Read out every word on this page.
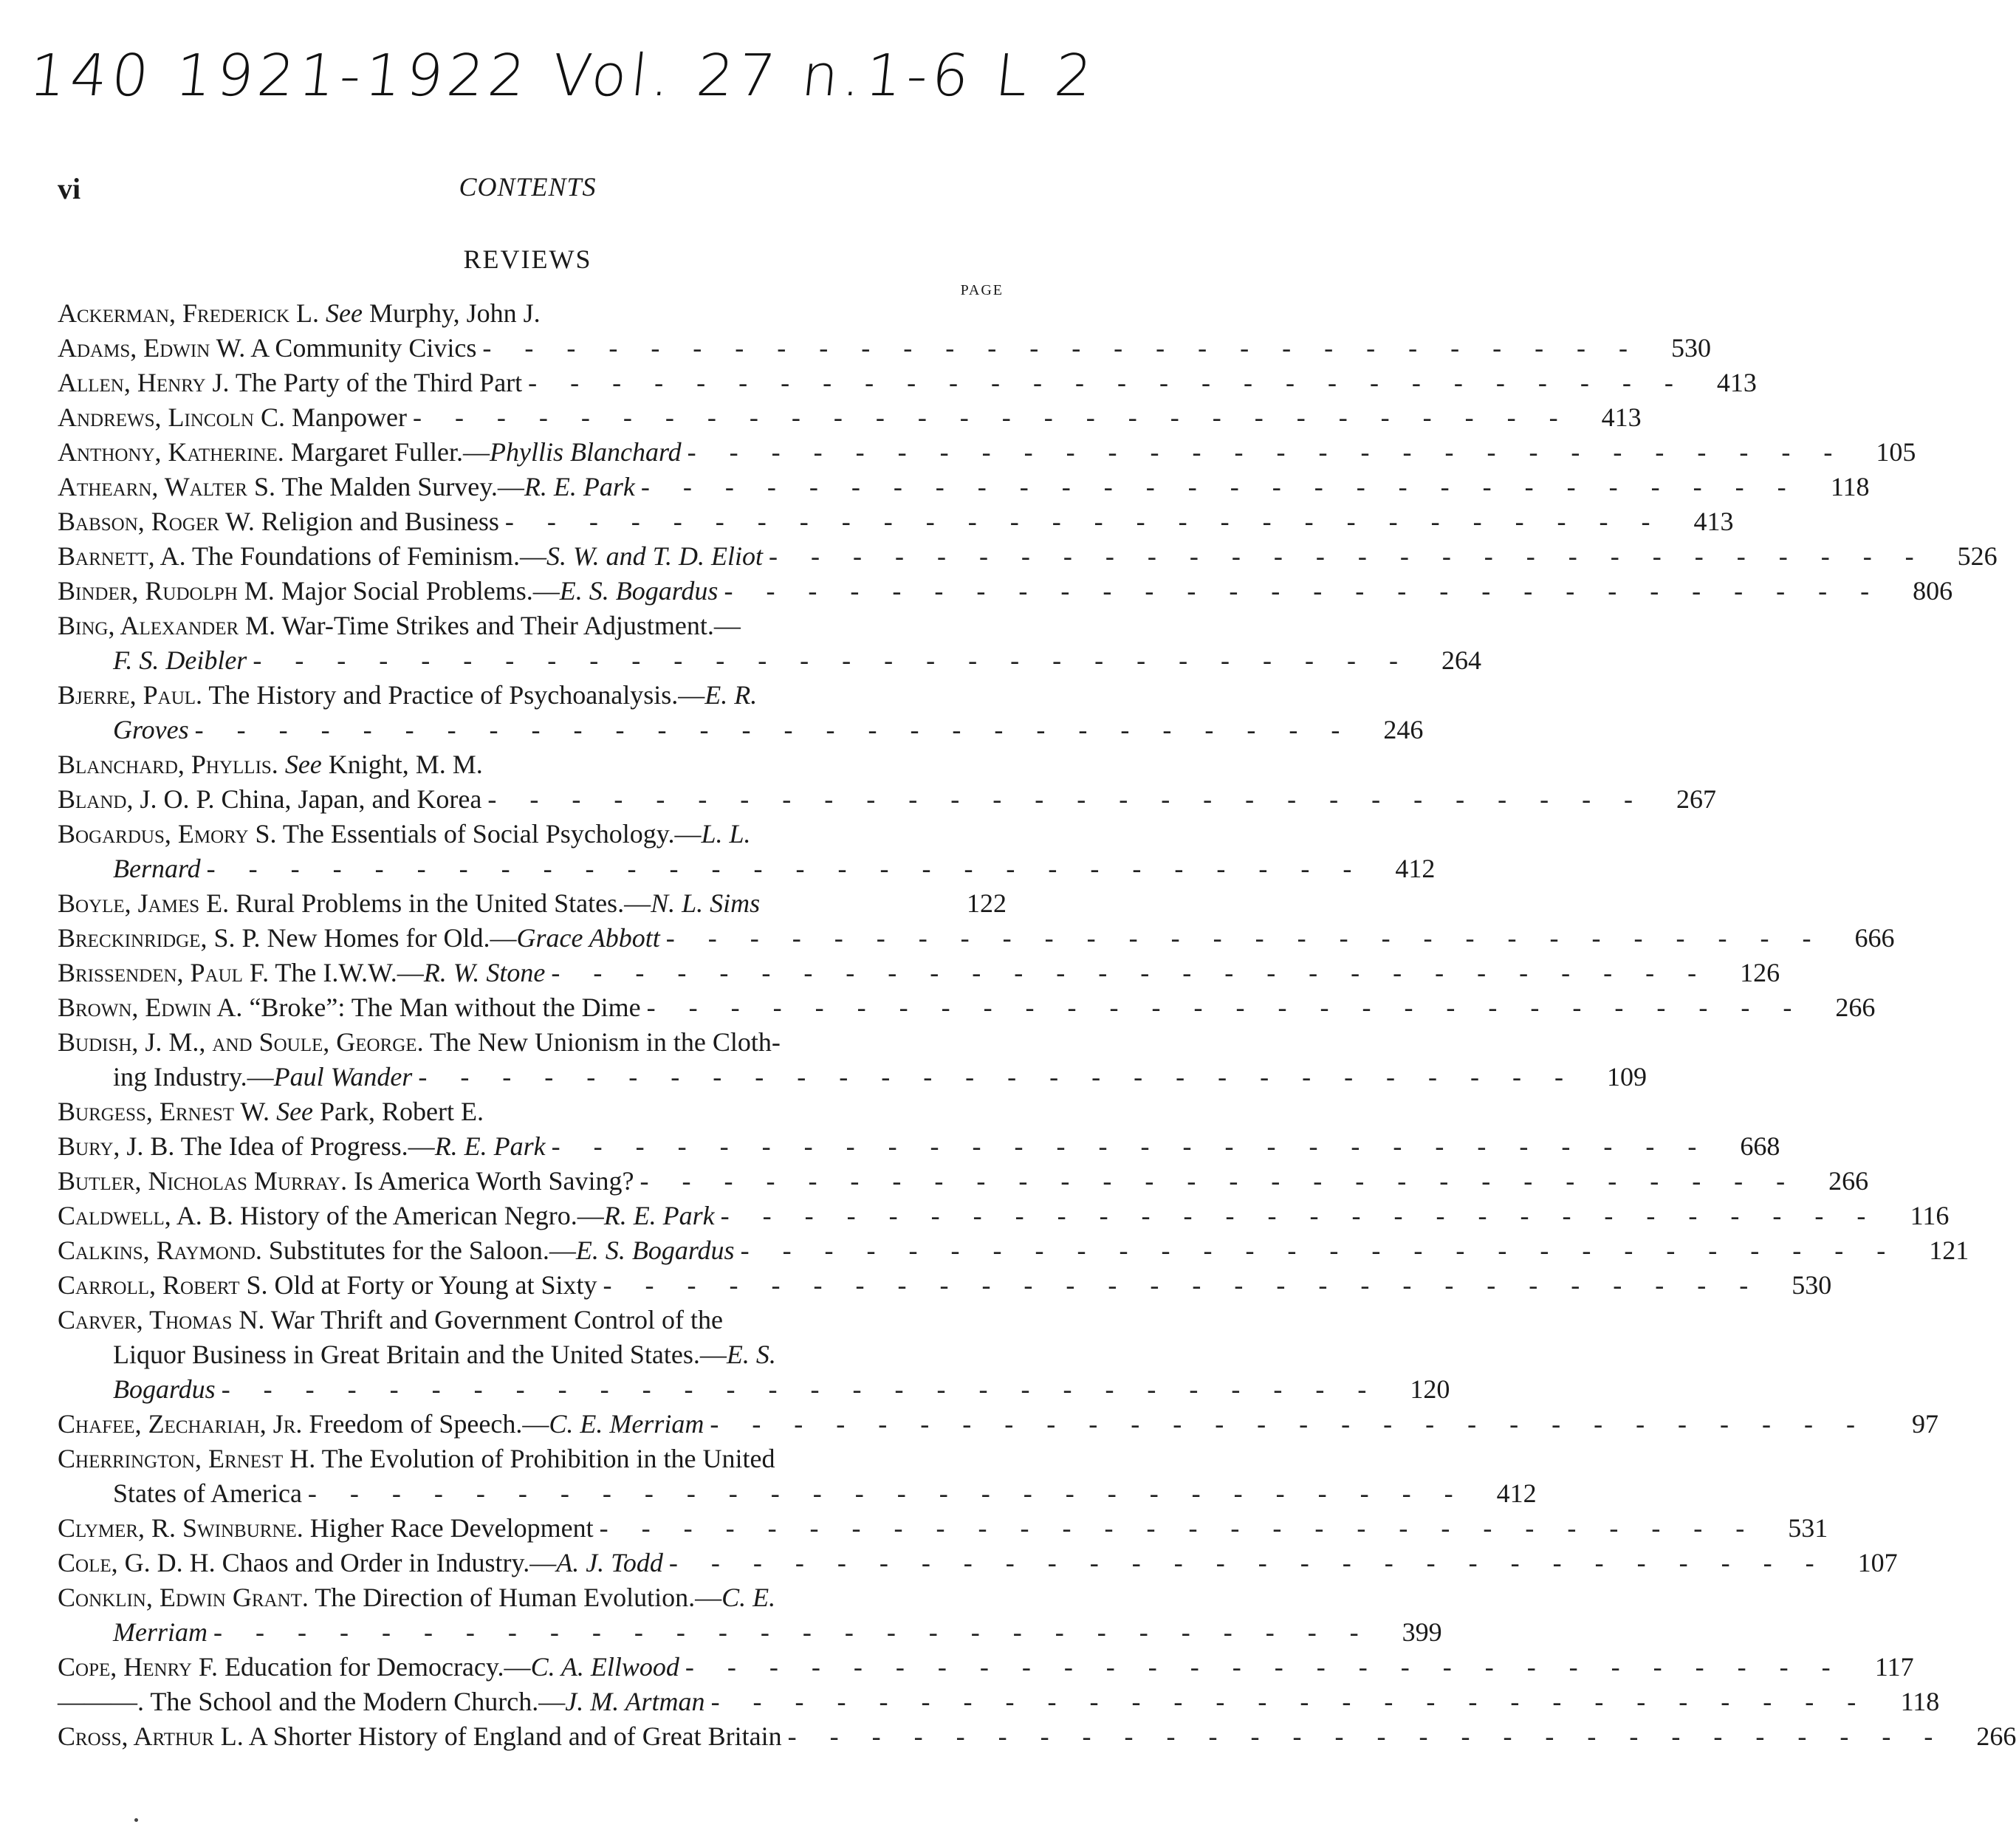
140 1921-1922 Vol. 27 n.1-6 L 2
vi	CONTENTS
REVIEWS
PAGE
Ackerman, Frederick L. See Murphy, John J.
Adams, Edwin W. A Community Civics - - - - - - - - - - - - - - - - - - - - - - - - - - - -	530
Allen, Henry J. The Party of the Third Part - - - - - - - - - - - - - - - - - - - - - - - - - - - -	413
Andrews, Lincoln C. Manpower - - - - - - - - - - - - - - - - - - - - - - - - - - - -	413
Anthony, Katherine. Margaret Fuller.—Phyllis Blanchard - - - - - - - - - - - - - - - - - - - - - - - - - - - -	105
Athearn, Walter S. The Malden Survey.—R. E. Park - - - - - - - - - - - - - - - - - - - - - - - - - - - -	118
Babson, Roger W. Religion and Business - - - - - - - - - - - - - - - - - - - - - - - - - - - -	413
Barnett, A. The Foundations of Feminism.—S. W. and T. D. Eliot - - - - - - - - - - - - - - - - - - - - - - - - - - - -	526
Binder, Rudolph M. Major Social Problems.—E. S. Bogardus - - - - - - - - - - - - - - - - - - - - - - - - - - - -	806
Bing, Alexander M. War-Time Strikes and Their Adjustment.—
F. S. Deibler - - - - - - - - - - - - - - - - - - - - - - - - - - - -	264
Bjerre, Paul. The History and Practice of Psychoanalysis.—E. R.
Groves - - - - - - - - - - - - - - - - - - - - - - - - - - - -	246
Blanchard, Phyllis. See Knight, M. M.
Bland, J. O. P. China, Japan, and Korea - - - - - - - - - - - - - - - - - - - - - - - - - - - -	267
Bogardus, Emory S. The Essentials of Social Psychology.—L. L.
Bernard - - - - - - - - - - - - - - - - - - - - - - - - - - - -	412
Boyle, James E. Rural Problems in the United States.—N. L. Sims	122
Breckinridge, S. P. New Homes for Old.—Grace Abbott - - - - - - - - - - - - - - - - - - - - - - - - - - - -	666
Brissenden, Paul F. The I.W.W.—R. W. Stone - - - - - - - - - - - - - - - - - - - - - - - - - - - -	126
Brown, Edwin A. “Broke”: The Man without the Dime - - - - - - - - - - - - - - - - - - - - - - - - - - - -	266
Budish, J. M., and Soule, George. The New Unionism in the Cloth-
ing Industry.—Paul Wander - - - - - - - - - - - - - - - - - - - - - - - - - - - -	109
Burgess, Ernest W. See Park, Robert E.
Bury, J. B. The Idea of Progress.—R. E. Park - - - - - - - - - - - - - - - - - - - - - - - - - - - -	668
Butler, Nicholas Murray. Is America Worth Saving? - - - - - - - - - - - - - - - - - - - - - - - - - - - -	266
Caldwell, A. B. History of the American Negro.—R. E. Park - - - - - - - - - - - - - - - - - - - - - - - - - - - -	116
Calkins, Raymond. Substitutes for the Saloon.—E. S. Bogardus - - - - - - - - - - - - - - - - - - - - - - - - - - - -	121
Carroll, Robert S. Old at Forty or Young at Sixty - - - - - - - - - - - - - - - - - - - - - - - - - - - -	530
Carver, Thomas N. War Thrift and Government Control of the
Liquor Business in Great Britain and the United States.—E. S.
Bogardus - - - - - - - - - - - - - - - - - - - - - - - - - - - -	120
Chafee, Zechariah, Jr. Freedom of Speech.—C. E. Merriam - - - - - - - - - - - - - - - - - - - - - - - - - - - -	97
Cherrington, Ernest H. The Evolution of Prohibition in the United
States of America - - - - - - - - - - - - - - - - - - - - - - - - - - - -	412
Clymer, R. Swinburne. Higher Race Development - - - - - - - - - - - - - - - - - - - - - - - - - - - -	531
Cole, G. D. H. Chaos and Order in Industry.—A. J. Todd - - - - - - - - - - - - - - - - - - - - - - - - - - - -	107
Conklin, Edwin Grant. The Direction of Human Evolution.—C. E.
Merriam - - - - - - - - - - - - - - - - - - - - - - - - - - - -	399
Cope, Henry F. Education for Democracy.—C. A. Ellwood - - - - - - - - - - - - - - - - - - - - - - - - - - - -	117
———. The School and the Modern Church.—J. M. Artman - - - - - - - - - - - - - - - - - - - - - - - - - - - -	118
Cross, Arthur L. A Shorter History of England and of Great Britain - - - - - - - - - - - - - - - - - - - - - - - - - - - -	266
